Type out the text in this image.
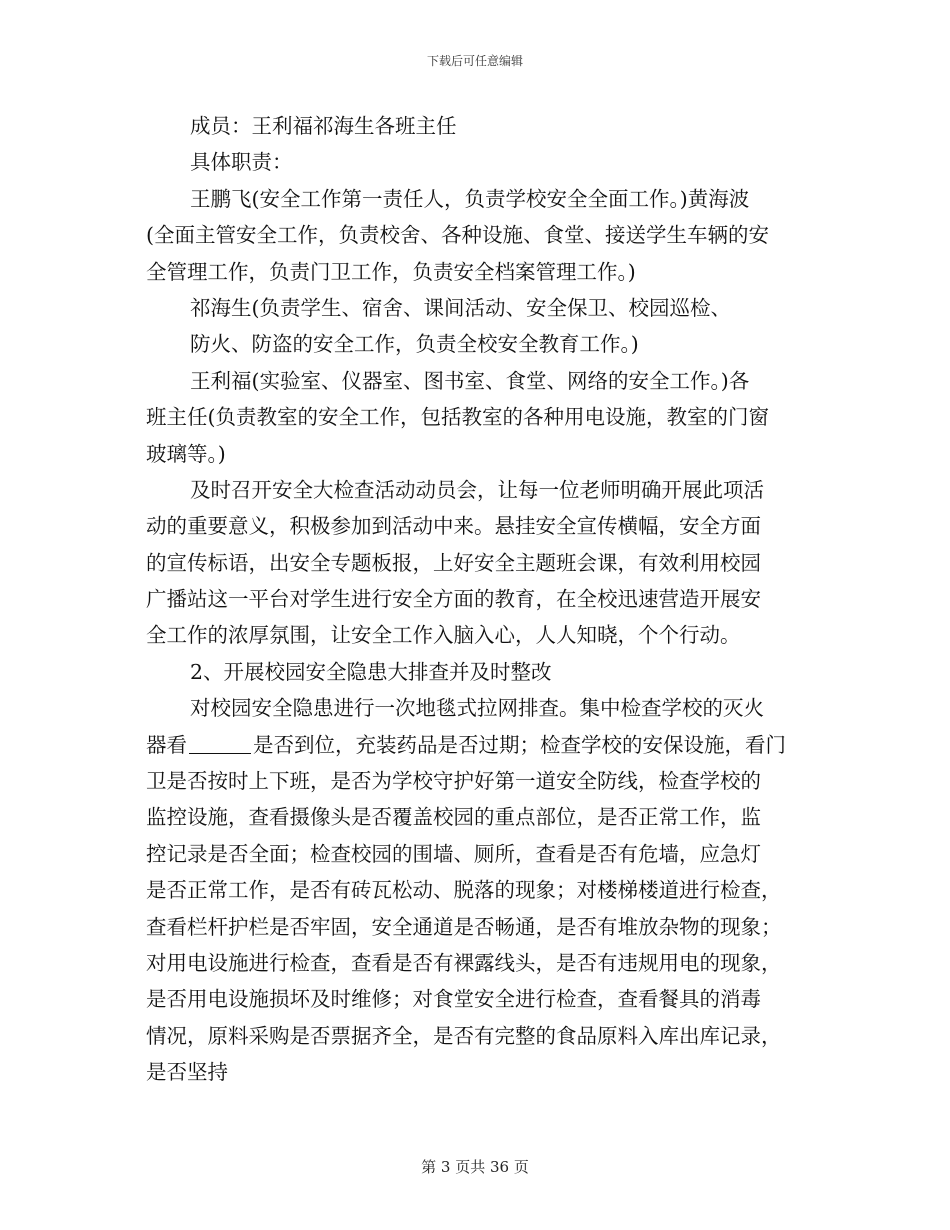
下载后可任意编辑
成员：王利福祁海生各班主任
具体职责：
王鹏飞(安全工作第一责任人，负责学校安全全面工作。)黄海波
(全面主管安全工作，负责校舍、各种设施、食堂、接送学生车辆的安
全管理工作，负责门卫工作，负责安全档案管理工作。)
祁海生(负责学生、宿舍、课间活动、安全保卫、校园巡检、
防火、防盗的安全工作，负责全校安全教育工作。)
王利福(实验室、仪器室、图书室、食堂、网络的安全工作。)各
班主任(负责教室的安全工作，包括教室的各种用电设施，教室的门窗
玻璃等。)
及时召开安全大检查活动动员会，让每一位老师明确开展此项活
动的重要意义，积极参加到活动中来。悬挂安全宣传横幅，安全方面
的宣传标语，出安全专题板报，上好安全主题班会课，有效利用校园
广播站这一平台对学生进行安全方面的教育，在全校迅速营造开展安
全工作的浓厚氛围，让安全工作入脑入心，人人知晓，个个行动。
2、开展校园安全隐患大排查并及时整改
对校园安全隐患进行一次地毯式拉网排查。集中检查学校的灭火
器看	是否到位，充装药品是否过期；检查学校的安保设施，看门
卫是否按时上下班，是否为学校守护好第一道安全防线，检查学校的
监控设施，查看摄像头是否覆盖校园的重点部位，是否正常工作，监
控记录是否全面；检查校园的围墙、厕所，查看是否有危墙，应急灯
是否正常工作，是否有砖瓦松动、脱落的现象；对楼梯楼道进行检查，
查看栏杆护栏是否牢固，安全通道是否畅通，是否有堆放杂物的现象；
对用电设施进行检查，查看是否有裸露线头，是否有违规用电的现象，
是否用电设施损坏及时维修；对食堂安全进行检查，查看餐具的消毒
情况，原料采购是否票据齐全，是否有完整的食品原料入库出库记录，
是否坚持
第 3 页共 36 页
